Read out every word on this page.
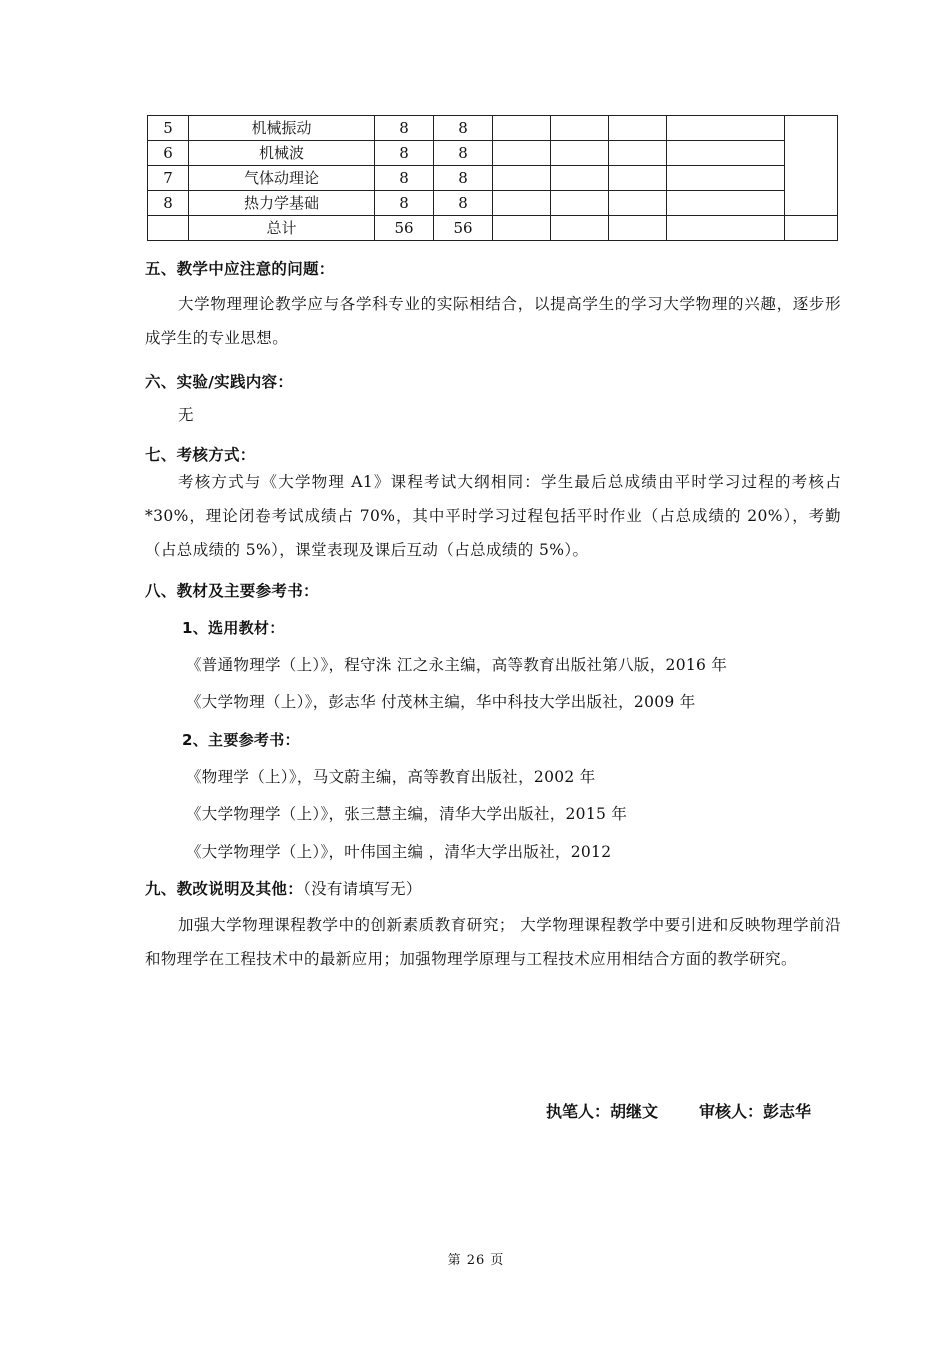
5	机械振动	8	8					
6	机械波	8	8					
7	气体动理论	8	8					
8	热力学基础	8	8					
	总计	56	56					
五、教学中应注意的问题：
大学物理理论教学应与各学科专业的实际相结合，以提高学生的学习大学物理的兴趣，逐步形成学生的专业思想。
六、实验/实践内容：
无
七、考核方式：
考核方式与《大学物理 A1》课程考试大纲相同：学生最后总成绩由平时学习过程的考核占*30%，理论闭卷考试成绩占 70%，其中平时学习过程包括平时作业（占总成绩的 20%），考勤（占总成绩的 5%），课堂表现及课后互动（占总成绩的 5%）。
八、教材及主要参考书：
1、选用教材：
《普通物理学（上）》，程守洙 江之永主编，高等教育出版社第八版，2016 年
《大学物理（上）》，彭志华 付茂林主编，华中科技大学出版社，2009 年
2、主要参考书：
《物理学（上）》，马文蔚主编，高等教育出版社，2002 年
《大学物理学（上）》，张三慧主编，清华大学出版社，2015 年
《大学物理学（上）》，叶伟国主编 ，清华大学出版社，2012
九、教改说明及其他：（没有请填写无）
加强大学物理课程教学中的创新素质教育研究； 大学物理课程教学中要引进和反映物理学前沿和物理学在工程技术中的最新应用；加强物理学原理与工程技术应用相结合方面的教学研究。
执笔人：胡继文	审核人：彭志华
第 26 页
